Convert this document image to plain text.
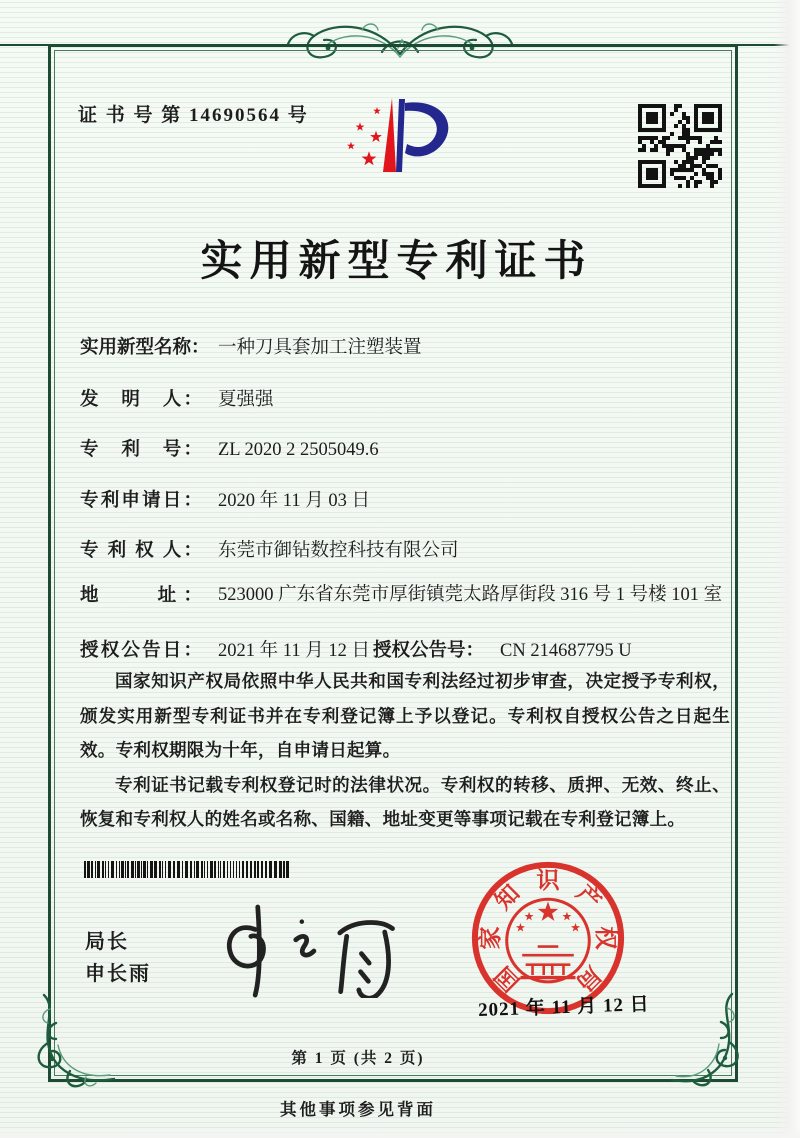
证 书 号 第 14690564 号
实用新型专利证书
实用新型名称： 一种刀具套加工注塑装置
发　明　人： 夏强强
专　利　号： ZL 2020 2 2505049.6
专利申请日： 2020 年 11 月 03 日
专 利 权 人： 东莞市御钻数控科技有限公司
地　　址： 523000 广东省东莞市厚街镇莞太路厚街段 316 号 1 号楼 101 室
授权公告日： 2021 年 11 月 12 日 授权公告号： CN 214687795 U

国家知识产权局依照中华人民共和国专利法经过初步审查，决定授予专利权，颁发实用新型专利证书并在专利登记簿上予以登记。专利权自授权公告之日起生效。专利权期限为十年，自申请日起算。

专利证书记载专利权登记时的法律状况。专利权的转移、质押、无效、终止、恢复和专利权人的姓名或名称、国籍、地址变更等事项记载在专利登记簿上。

局长
申长雨	国
家
知 识 产
权
局
2021 年 11 月 12 日
第 1 页 (共 2 页)
其他事项参见背面
